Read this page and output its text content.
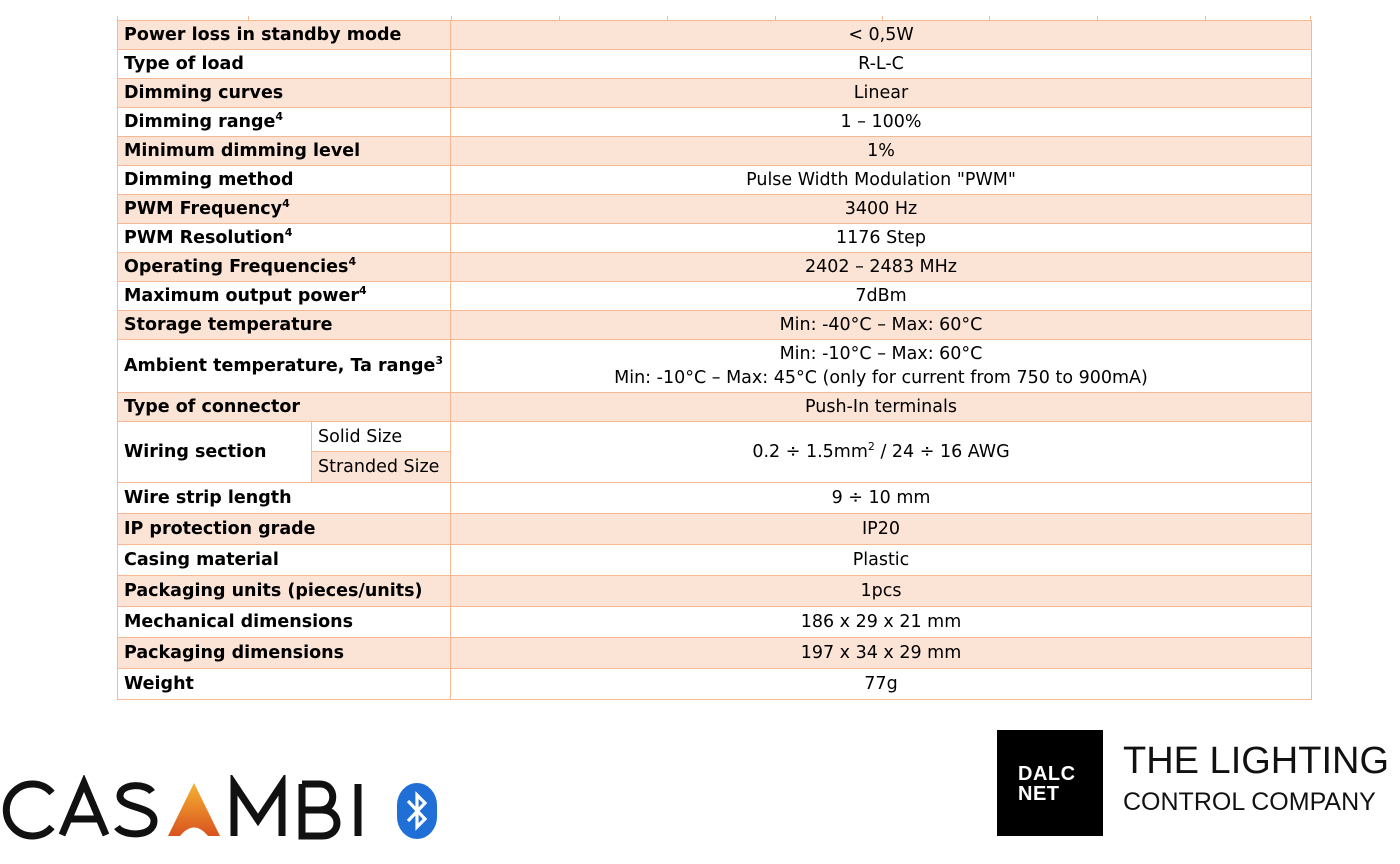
Power loss in standby mode		< 0,5W
Type of load		R-L-C
Dimming curves		Linear
Dimming range$^4$		1 – 100%
Minimum dimming level		1%
Dimming method		Pulse Width Modulation "PWM"
PWM Frequency$^4$		3400 Hz
PWM Resolution$^4$		1176 Step
Operating Frequencies$^4$		2402 – 2483 MHz
Maximum output power$^4$		7dBm
Storage temperature		Min: -40°C – Max: 60°C
Ambient temperature, Ta range$^3$		Min: -10°C – Max: 60°C
Min: -10°C – Max: 45°C (only for current from 750 to 900mA)

Type of connector		Push-In terminals
Wiring section	Solid Size	$0.2 \div 1.5mm^2 / 24 \div 16$ AWG
	Stranded Size	
Wire strip length		9 ÷ 10 mm
IP protection grade		IP20
Casing material		Plastic
Packaging units (pieces/units)		1pcs
Mechanical dimensions		186 x 29 x 21 mm
Packaging dimensions		197 x 34 x 29 mm
Weight		77g
DALC
NET
THE LIGHTING
CONTROL COMPANY
